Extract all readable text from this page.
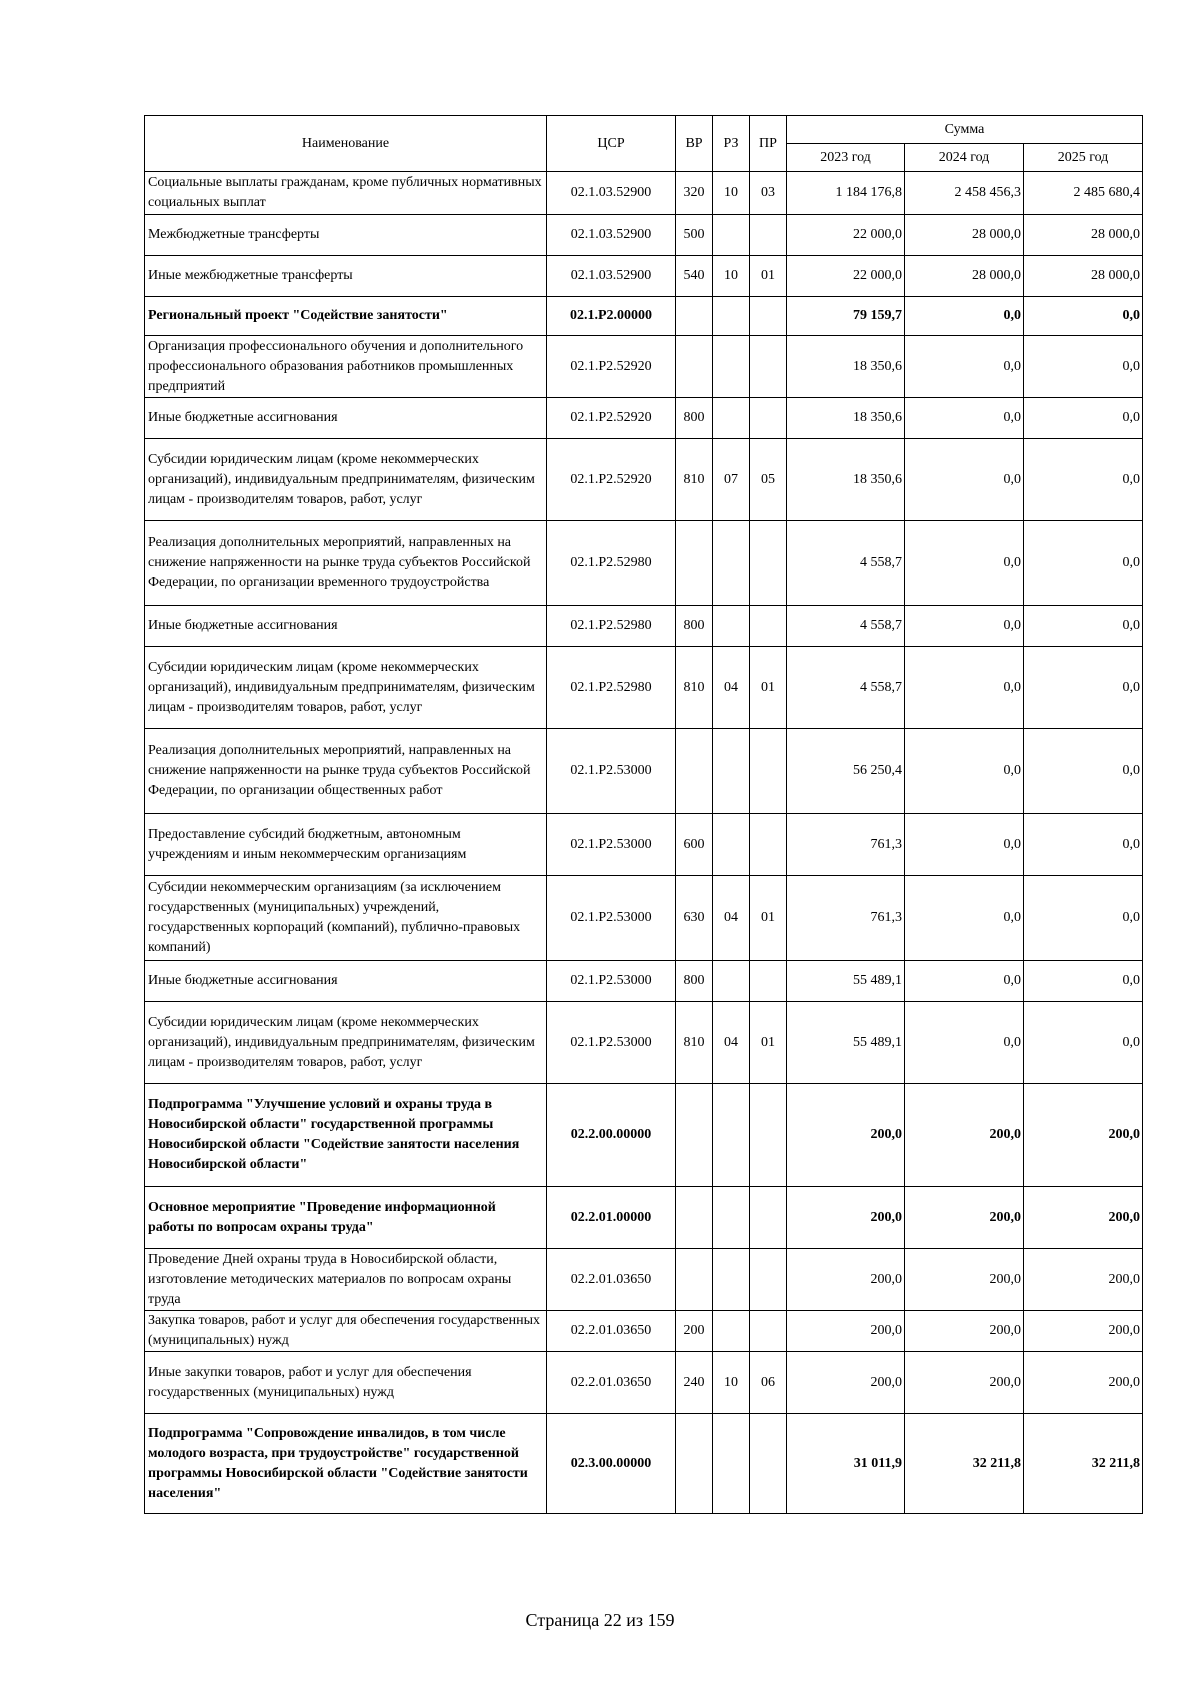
Наименование	ЦСР	ВР	РЗ	ПР	Сумма		
					2023 год	2024 год	2025 год
Социальные выплаты гражданам, кроме публичных нормативных социальных выплат	02.1.03.52900	320	10	03	1 184 176,8	2 458 456,3	2 485 680,4
Межбюджетные трансферты	02.1.03.52900	500			22 000,0	28 000,0	28 000,0
Иные межбюджетные трансферты	02.1.03.52900	540	10	01	22 000,0	28 000,0	28 000,0
Региональный проект "Содействие занятости"	02.1.P2.00000				79 159,7	0,0	0,0
Организация профессионального обучения и дополнительного профессионального образования работников промышленных предприятий	02.1.P2.52920				18 350,6	0,0	0,0
Иные бюджетные ассигнования	02.1.P2.52920	800			18 350,6	0,0	0,0
Субсидии юридическим лицам (кроме некоммерческих организаций), индивидуальным предпринимателям, физическим лицам - производителям товаров, работ, услуг	02.1.P2.52920	810	07	05	18 350,6	0,0	0,0
Реализация дополнительных мероприятий, направленных на снижение напряженности на рынке труда субъектов Российской Федерации, по организации временного трудоустройства	02.1.P2.52980				4 558,7	0,0	0,0
Иные бюджетные ассигнования	02.1.P2.52980	800			4 558,7	0,0	0,0
Субсидии юридическим лицам (кроме некоммерческих организаций), индивидуальным предпринимателям, физическим лицам - производителям товаров, работ, услуг	02.1.P2.52980	810	04	01	4 558,7	0,0	0,0
Реализация дополнительных мероприятий, направленных на снижение напряженности на рынке труда субъектов Российской Федерации, по организации общественных работ	02.1.P2.53000				56 250,4	0,0	0,0
Предоставление субсидий бюджетным, автономным учреждениям и иным некоммерческим организациям	02.1.P2.53000	600			761,3	0,0	0,0
Субсидии некоммерческим организациям (за исключением государственных (муниципальных) учреждений, государственных корпораций (компаний), публично-правовых компаний)	02.1.P2.53000	630	04	01	761,3	0,0	0,0
Иные бюджетные ассигнования	02.1.P2.53000	800			55 489,1	0,0	0,0
Субсидии юридическим лицам (кроме некоммерческих организаций), индивидуальным предпринимателям, физическим лицам - производителям товаров, работ, услуг	02.1.P2.53000	810	04	01	55 489,1	0,0	0,0
Подпрограмма "Улучшение условий и охраны труда в Новосибирской области" государственной программы Новосибирской области "Содействие занятости населения Новосибирской области"	02.2.00.00000				200,0	200,0	200,0
Основное мероприятие "Проведение информационной работы по вопросам охраны труда"	02.2.01.00000				200,0	200,0	200,0
Проведение Дней охраны труда в Новосибирской области, изготовление методических материалов по вопросам охраны труда	02.2.01.03650				200,0	200,0	200,0
Закупка товаров, работ и услуг для обеспечения государственных (муниципальных) нужд	02.2.01.03650	200			200,0	200,0	200,0
Иные закупки товаров, работ и услуг для обеспечения государственных (муниципальных) нужд	02.2.01.03650	240	10	06	200,0	200,0	200,0
Подпрограмма "Сопровождение инвалидов, в том числе молодого возраста, при трудоустройстве" государственной программы Новосибирской области "Содействие занятости населения"	02.3.00.00000				31 011,9	32 211,8	32 211,8
Страница 22 из 159
